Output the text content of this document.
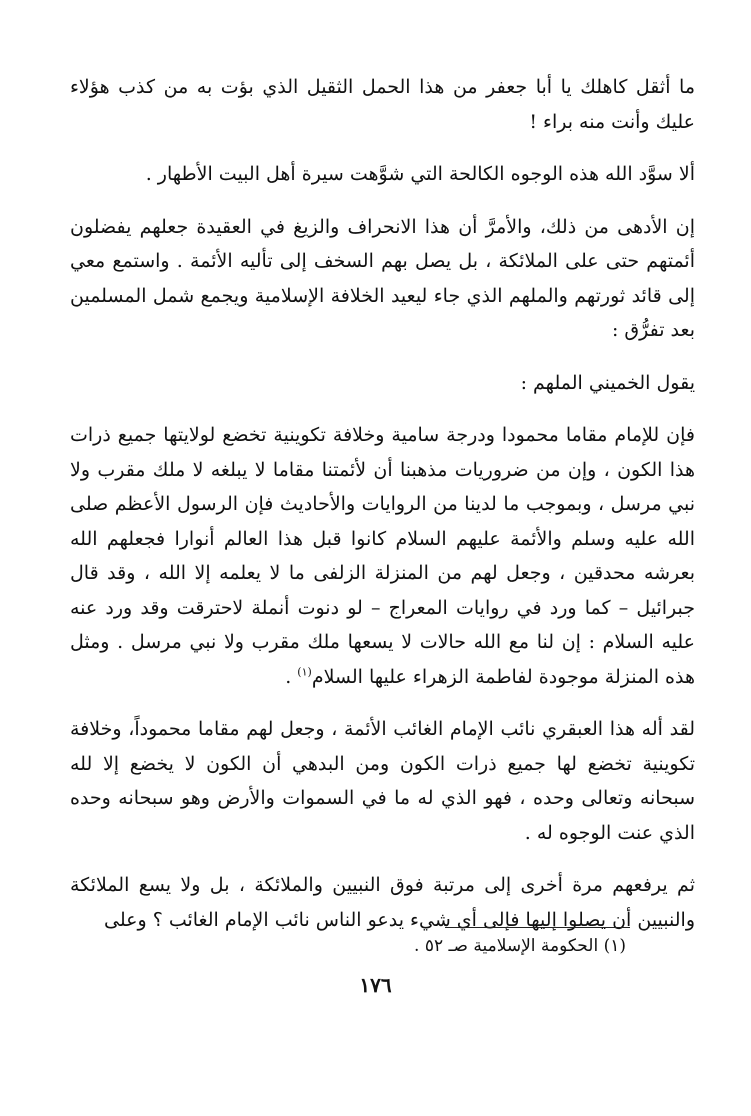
ما أثقل كاهلك يا أبا جعفر من هذا الحمل الثقيل الذي بؤت به من كذب هؤلاء عليك وأنت منه براء !

ألا سوَّد الله هذه الوجوه الكالحة التي شوَّهت سيرة أهل البيت الأطهار .

إن الأدهى من ذلك، والأمرَّ أن هذا الانحراف والزيغ في العقيدة جعلهم يفضلون أئمتهم حتى على الملائكة ، بل يصل بهم السخف إلى تأليه الأئمة . واستمع معي إلى قائد ثورتهم والملهم الذي جاء ليعيد الخلافة الإسلامية ويجمع شمل المسلمين بعد تفرُّق :

يقول الخميني الملهم :

فإن للإمام مقاما محمودا ودرجة سامية وخلافة تكوينية تخضع لولايتها جميع ذرات هذا الكون ، وإن من ضروريات مذهبنا أن لأئمتنا مقاما لا يبلغه لا ملك مقرب ولا نبي مرسل ، وبموجب ما لدينا من الروايات والأحاديث فإن الرسول الأعظم صلى الله عليه وسلم والأئمة عليهم السلام كانوا قبل هذا العالم أنوارا فجعلهم الله بعرشه محدقين ، وجعل لهم من المنزلة الزلفى ما لا يعلمه إلا الله ، وقد قال جبرائيل – كما ورد في روايات المعراج – لو دنوت أنملة لاحترقت وقد ورد عنه عليه السلام : إن لنا مع الله حالات لا يسعها ملك مقرب ولا نبي مرسل . ومثل هذه المنزلة موجودة لفاطمة الزهراء عليها السلام$^{(١)}$ .

لقد أله هذا العبقري نائب الإمام الغائب الأئمة ، وجعل لهم مقاما محموداً، وخلافة تكوينية تخضع لها جميع ذرات الكون ومن البدهي أن الكون لا يخضع إلا لله سبحانه وتعالى وحده ، فهو الذي له ما في السموات والأرض وهو سبحانه وحده الذي عنت الوجوه له .

ثم يرفعهم مرة أخرى إلى مرتبة فوق النبيين والملائكة ، بل ولا يسع الملائكة والنبيين أن يصلوا إليها فإلى أي شيء يدعو الناس نائب الإمام الغائب ؟ وعلى

(١) الحكومة الإسلامية صـ ٥٢ .
١٧٦
